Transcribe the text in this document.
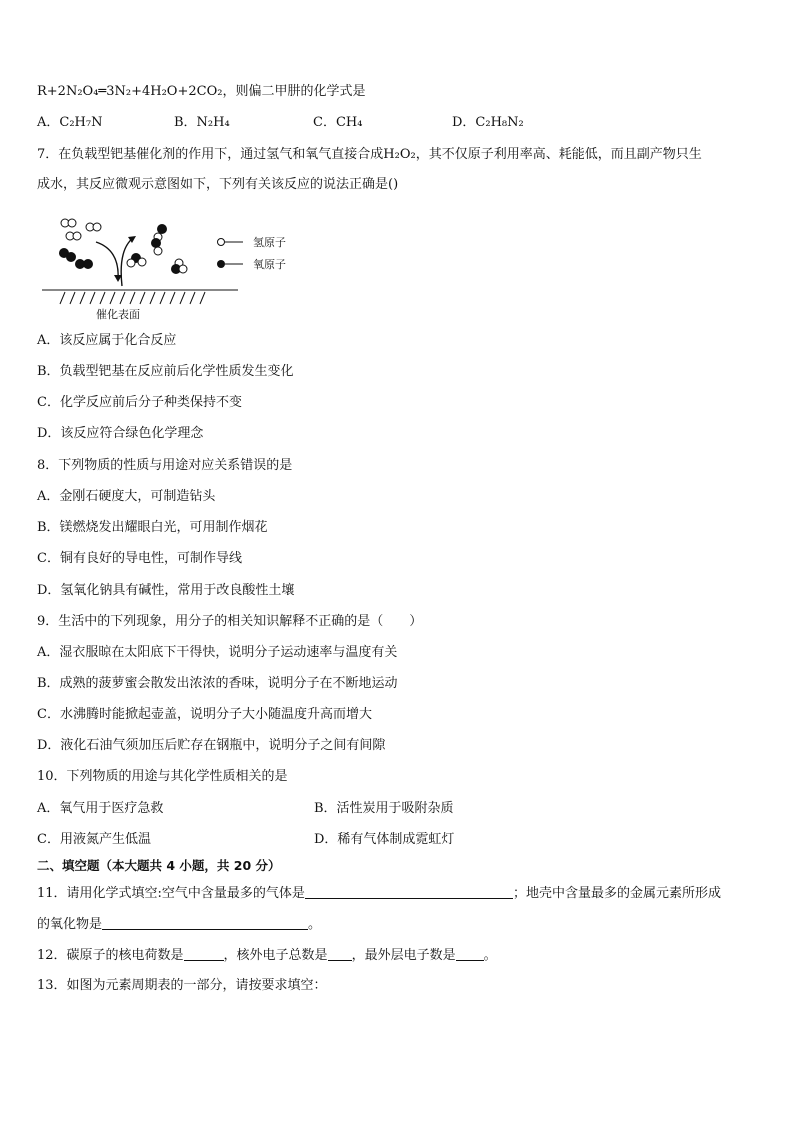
R+2N₂O₄═3N₂+4H₂O+2CO₂，则偏二甲肼的化学式是
A．C₂H₇N	B．N₂H₄	C．CH₄	D．C₂H₈N₂
7．在负载型钯基催化剂的作用下，通过氢气和氧气直接合成H₂O₂，其不仅原子利用率高、耗能低，而且副产物只生
成水，其反应微观示意图如下，下列有关该反应的说法正确是()
氢原子
氧原子
催化表面
A．该反应属于化合反应
B．负载型钯基在反应前后化学性质发生变化
C．化学反应前后分子种类保持不变
D．该反应符合绿色化学理念
8．下列物质的性质与用途对应关系错误的是
A．金刚石硬度大，可制造钻头
B．镁燃烧发出耀眼白光，可用制作烟花
C．铜有良好的导电性，可制作导线
D．氢氧化钠具有碱性，常用于改良酸性土壤
9．生活中的下列现象，用分子的相关知识解释不正确的是（　　）
A．湿衣服晾在太阳底下干得快，说明分子运动速率与温度有关
B．成熟的菠萝蜜会散发出浓浓的香味，说明分子在不断地运动
C．水沸腾时能掀起壶盖，说明分子大小随温度升高而增大
D．液化石油气须加压后贮存在钢瓶中，说明分子之间有间隙
10．下列物质的用途与其化学性质相关的是
A．氧气用于医疗急救	B．活性炭用于吸附杂质
C．用液氮产生低温	D．稀有气体制成霓虹灯
二、填空题（本大题共 4 小题，共 20 分）
11．请用化学式填空:空气中含量最多的气体是	；地壳中含量最多的金属元素所形成
的氧化物是	。
12．碳原子的核电荷数是	，核外电子总数是 ，最外层电子数是 。
13．如图为元素周期表的一部分，请按要求填空：
